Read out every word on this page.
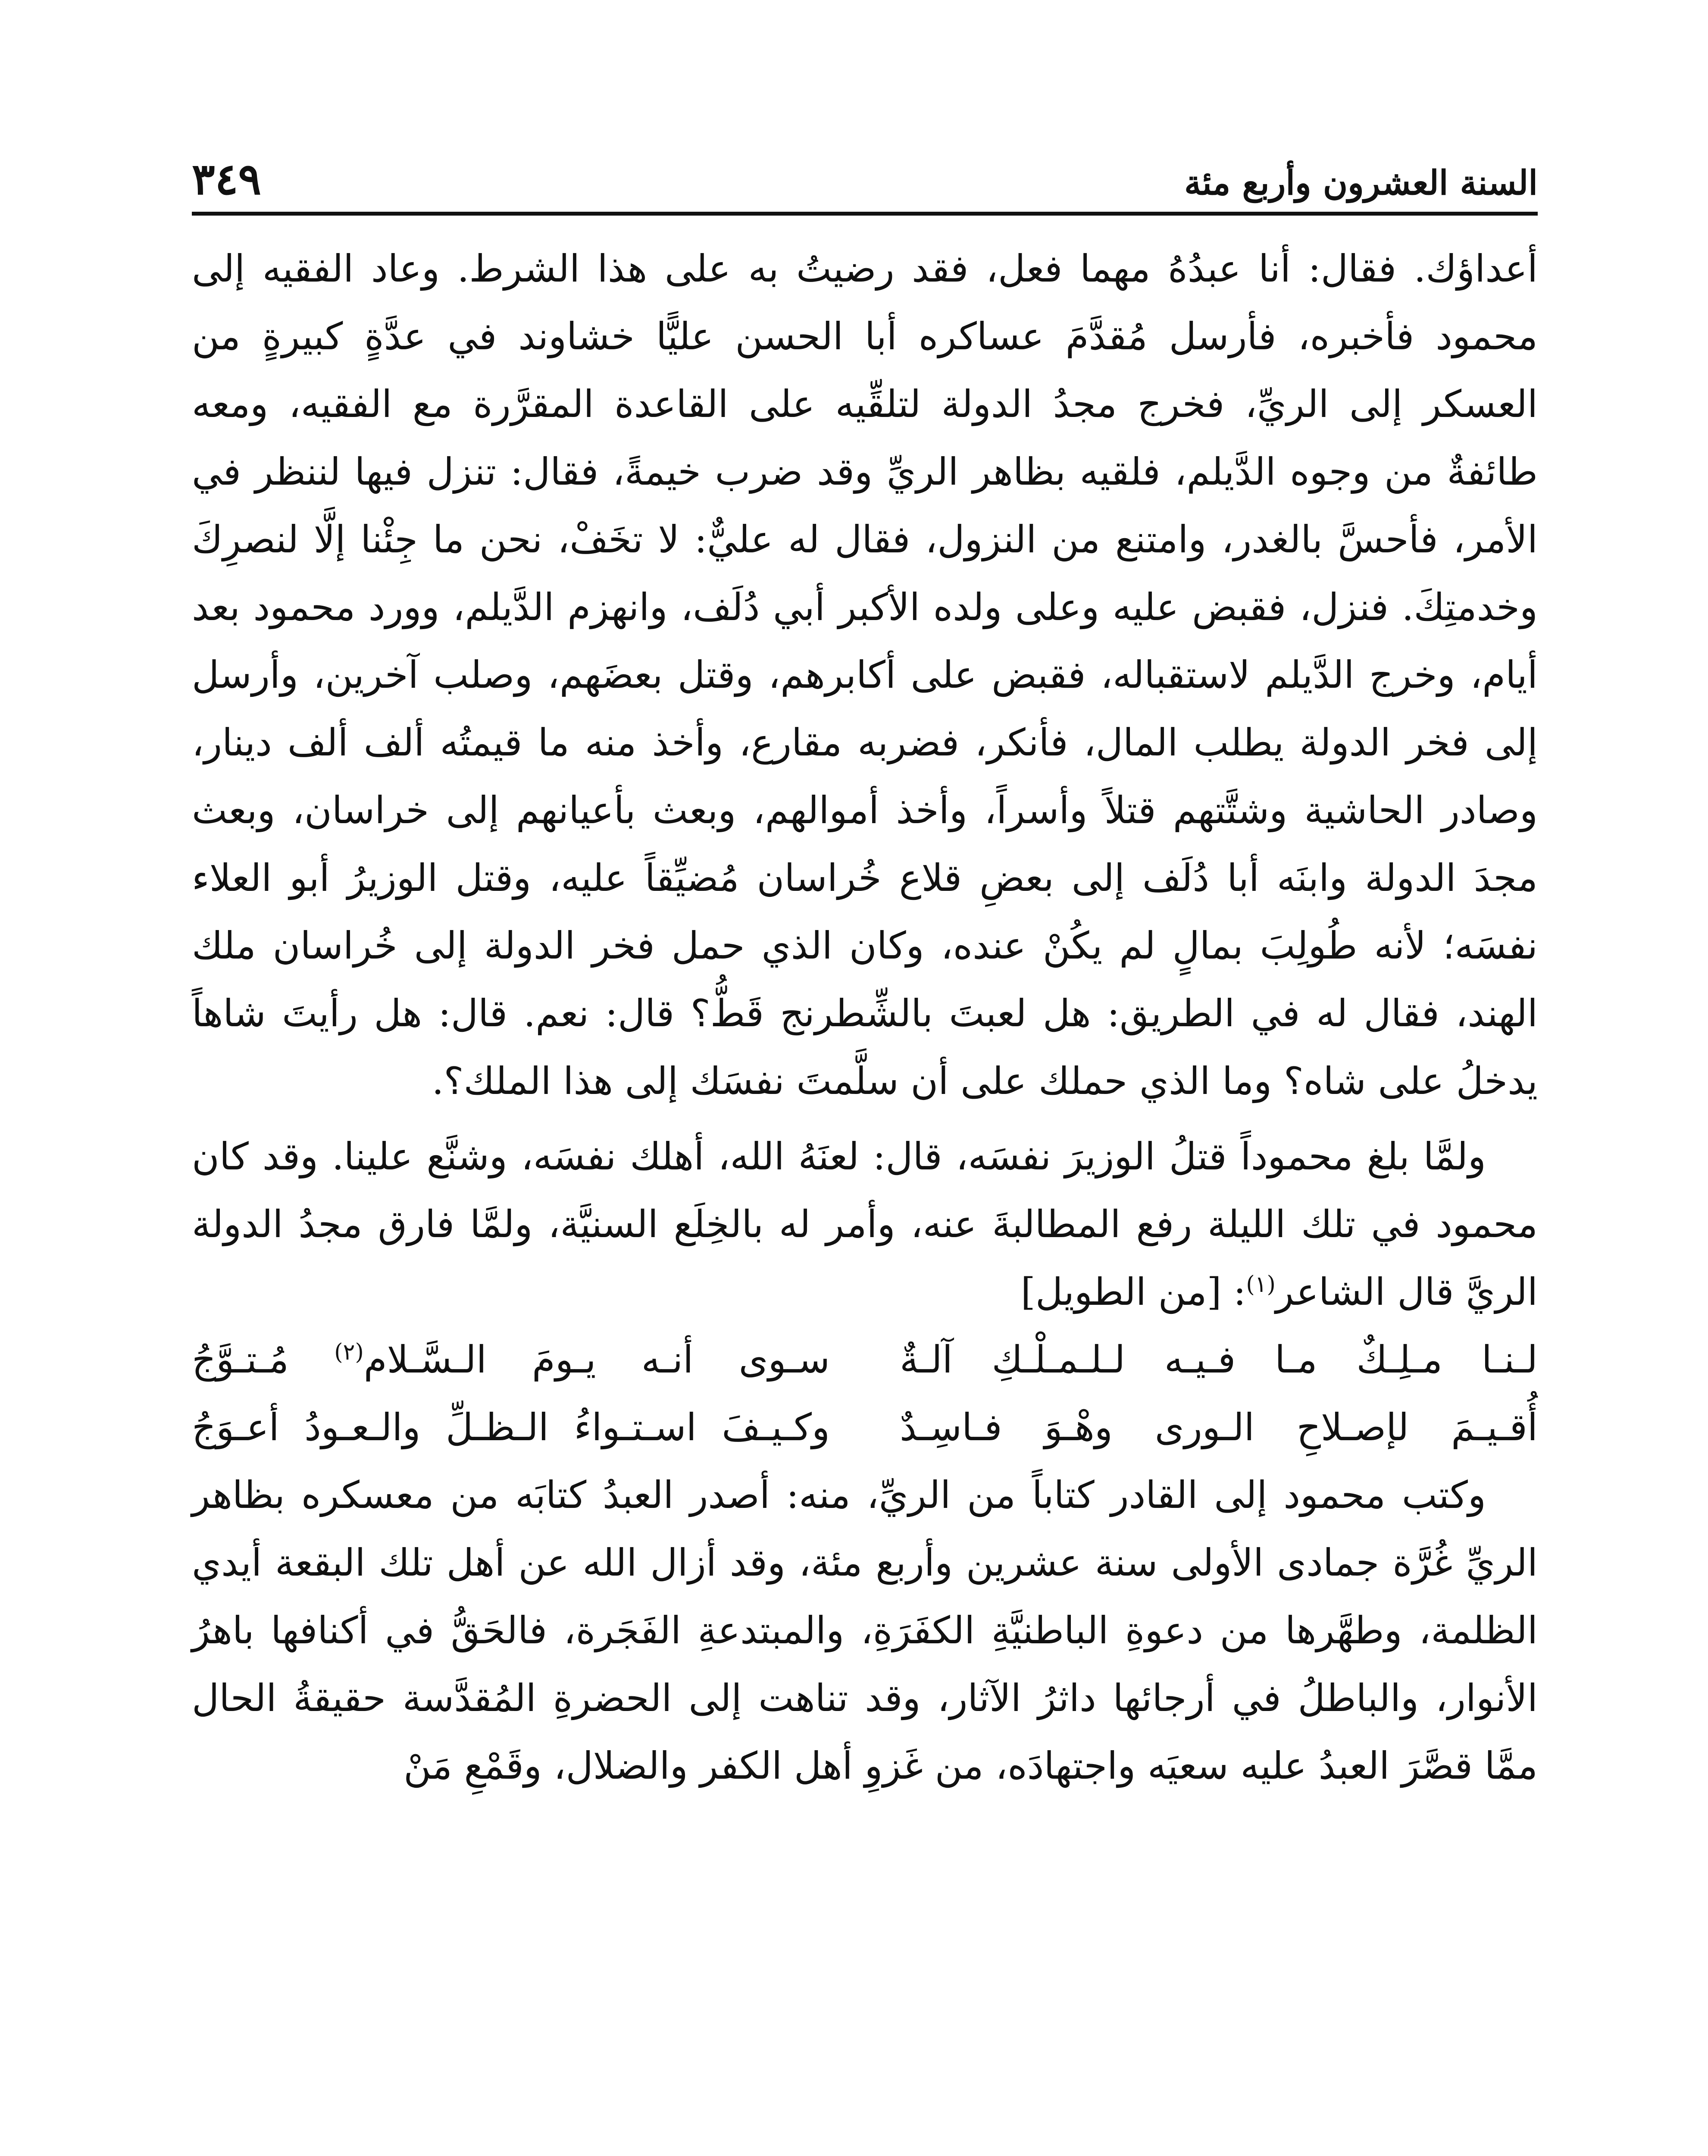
السنة العشرون وأربع مئة
٣٤٩

أعداؤك. فقال: أنا عبدُهُ مهما فعل، فقد رضيتُ به على هذا الشرط. وعاد الفقيه إلى محمود فأخبره، فأرسل مُقدَّمَ عساكره أبا الحسن عليًّا خشاوند في عدَّةٍ كبيرةٍ من العسكر إلى الريِّ، فخرج مجدُ الدولة لتلقِّيه على القاعدة المقرَّرة مع الفقيه، ومعه طائفةٌ من وجوه الدَّيلم، فلقيه بظاهر الريِّ وقد ضرب خيمةً، فقال: تنزل فيها لننظر في الأمر، فأحسَّ بالغدر، وامتنع من النزول، فقال له عليٌّ: لا تخَفْ، نحن ما جِئْنا إلَّا لنصرِكَ وخدمتِكَ. فنزل، فقبض عليه وعلى ولده الأكبر أبي دُلَف، وانهزم الدَّيلم، وورد محمود بعد أيام، وخرج الدَّيلم لاستقباله، فقبض على أكابرهم، وقتل بعضَهم، وصلب آخرين، وأرسل إلى فخر الدولة يطلب المال، فأنكر، فضربه مقارع، وأخذ منه ما قيمتُه ألف ألف دينار، وصادر الحاشية وشتَّتهم قتلاً وأسراً، وأخذ أموالهم، وبعث بأعيانهم إلى خراسان، وبعث مجدَ الدولة وابنَه أبا دُلَف إلى بعضِ قلاع خُراسان مُضيِّقاً عليه، وقتل الوزيرُ أبو العلاء نفسَه؛ لأنه طُولِبَ بمالٍ لم يكُنْ عنده، وكان الذي حمل فخر الدولة إلى خُراسان ملك الهند، فقال له في الطريق: هل لعبتَ بالشِّطرنج قَطُّ؟ قال: نعم. قال: هل رأيتَ شاهاً يدخلُ على شاه؟ وما الذي حملك على أن سلَّمتَ نفسَك إلى هذا الملك؟.

ولمَّا بلغ محموداً قتلُ الوزيرَ نفسَه، قال: لعنَهُ الله، أهلك نفسَه، وشنَّع علينا. وقد كان محمود في تلك الليلة رفع المطالبةَ عنه، وأمر له بالخِلَع السنيَّة، ولمَّا فارق مجدُ الدولة الريَّ قال الشاعر$^{(١)}$: [من الطويل]

لـنـا مـلِـكٌ مـا فـيـه لـلـمـلْـكِ آلـةٌ
سـوى أنـه يـومَ الـسَّـلام$^{(٢)}$ مُـتـوَّجُ
أُقـيـمَ لإصـلاحِ الـورى وهْـوَ فـاسِـدٌ
وكـيـفَ اسـتـواءُ الـظـلِّ والـعـودُ أعـوَجُ

وكتب محمود إلى القادر كتاباً من الريِّ، منه: أصدر العبدُ كتابَه من معسكره بظاهر الريِّ غُرَّة جمادى الأولى سنة عشرين وأربع مئة، وقد أزال الله عن أهل تلك البقعة أيدي الظلمة، وطهَّرها من دعوةِ الباطنيَّةِ الكفَرَةِ، والمبتدعةِ الفَجَرة، فالحَقُّ في أكنافها باهرُ الأنوار، والباطلُ في أرجائها داثرُ الآثار، وقد تناهت إلى الحضرةِ المُقدَّسة حقيقةُ الحال ممَّا قصَّرَ العبدُ عليه سعيَه واجتهادَه، من غَزوِ أهل الكفر والضلال، وقَمْعِ مَنْ
